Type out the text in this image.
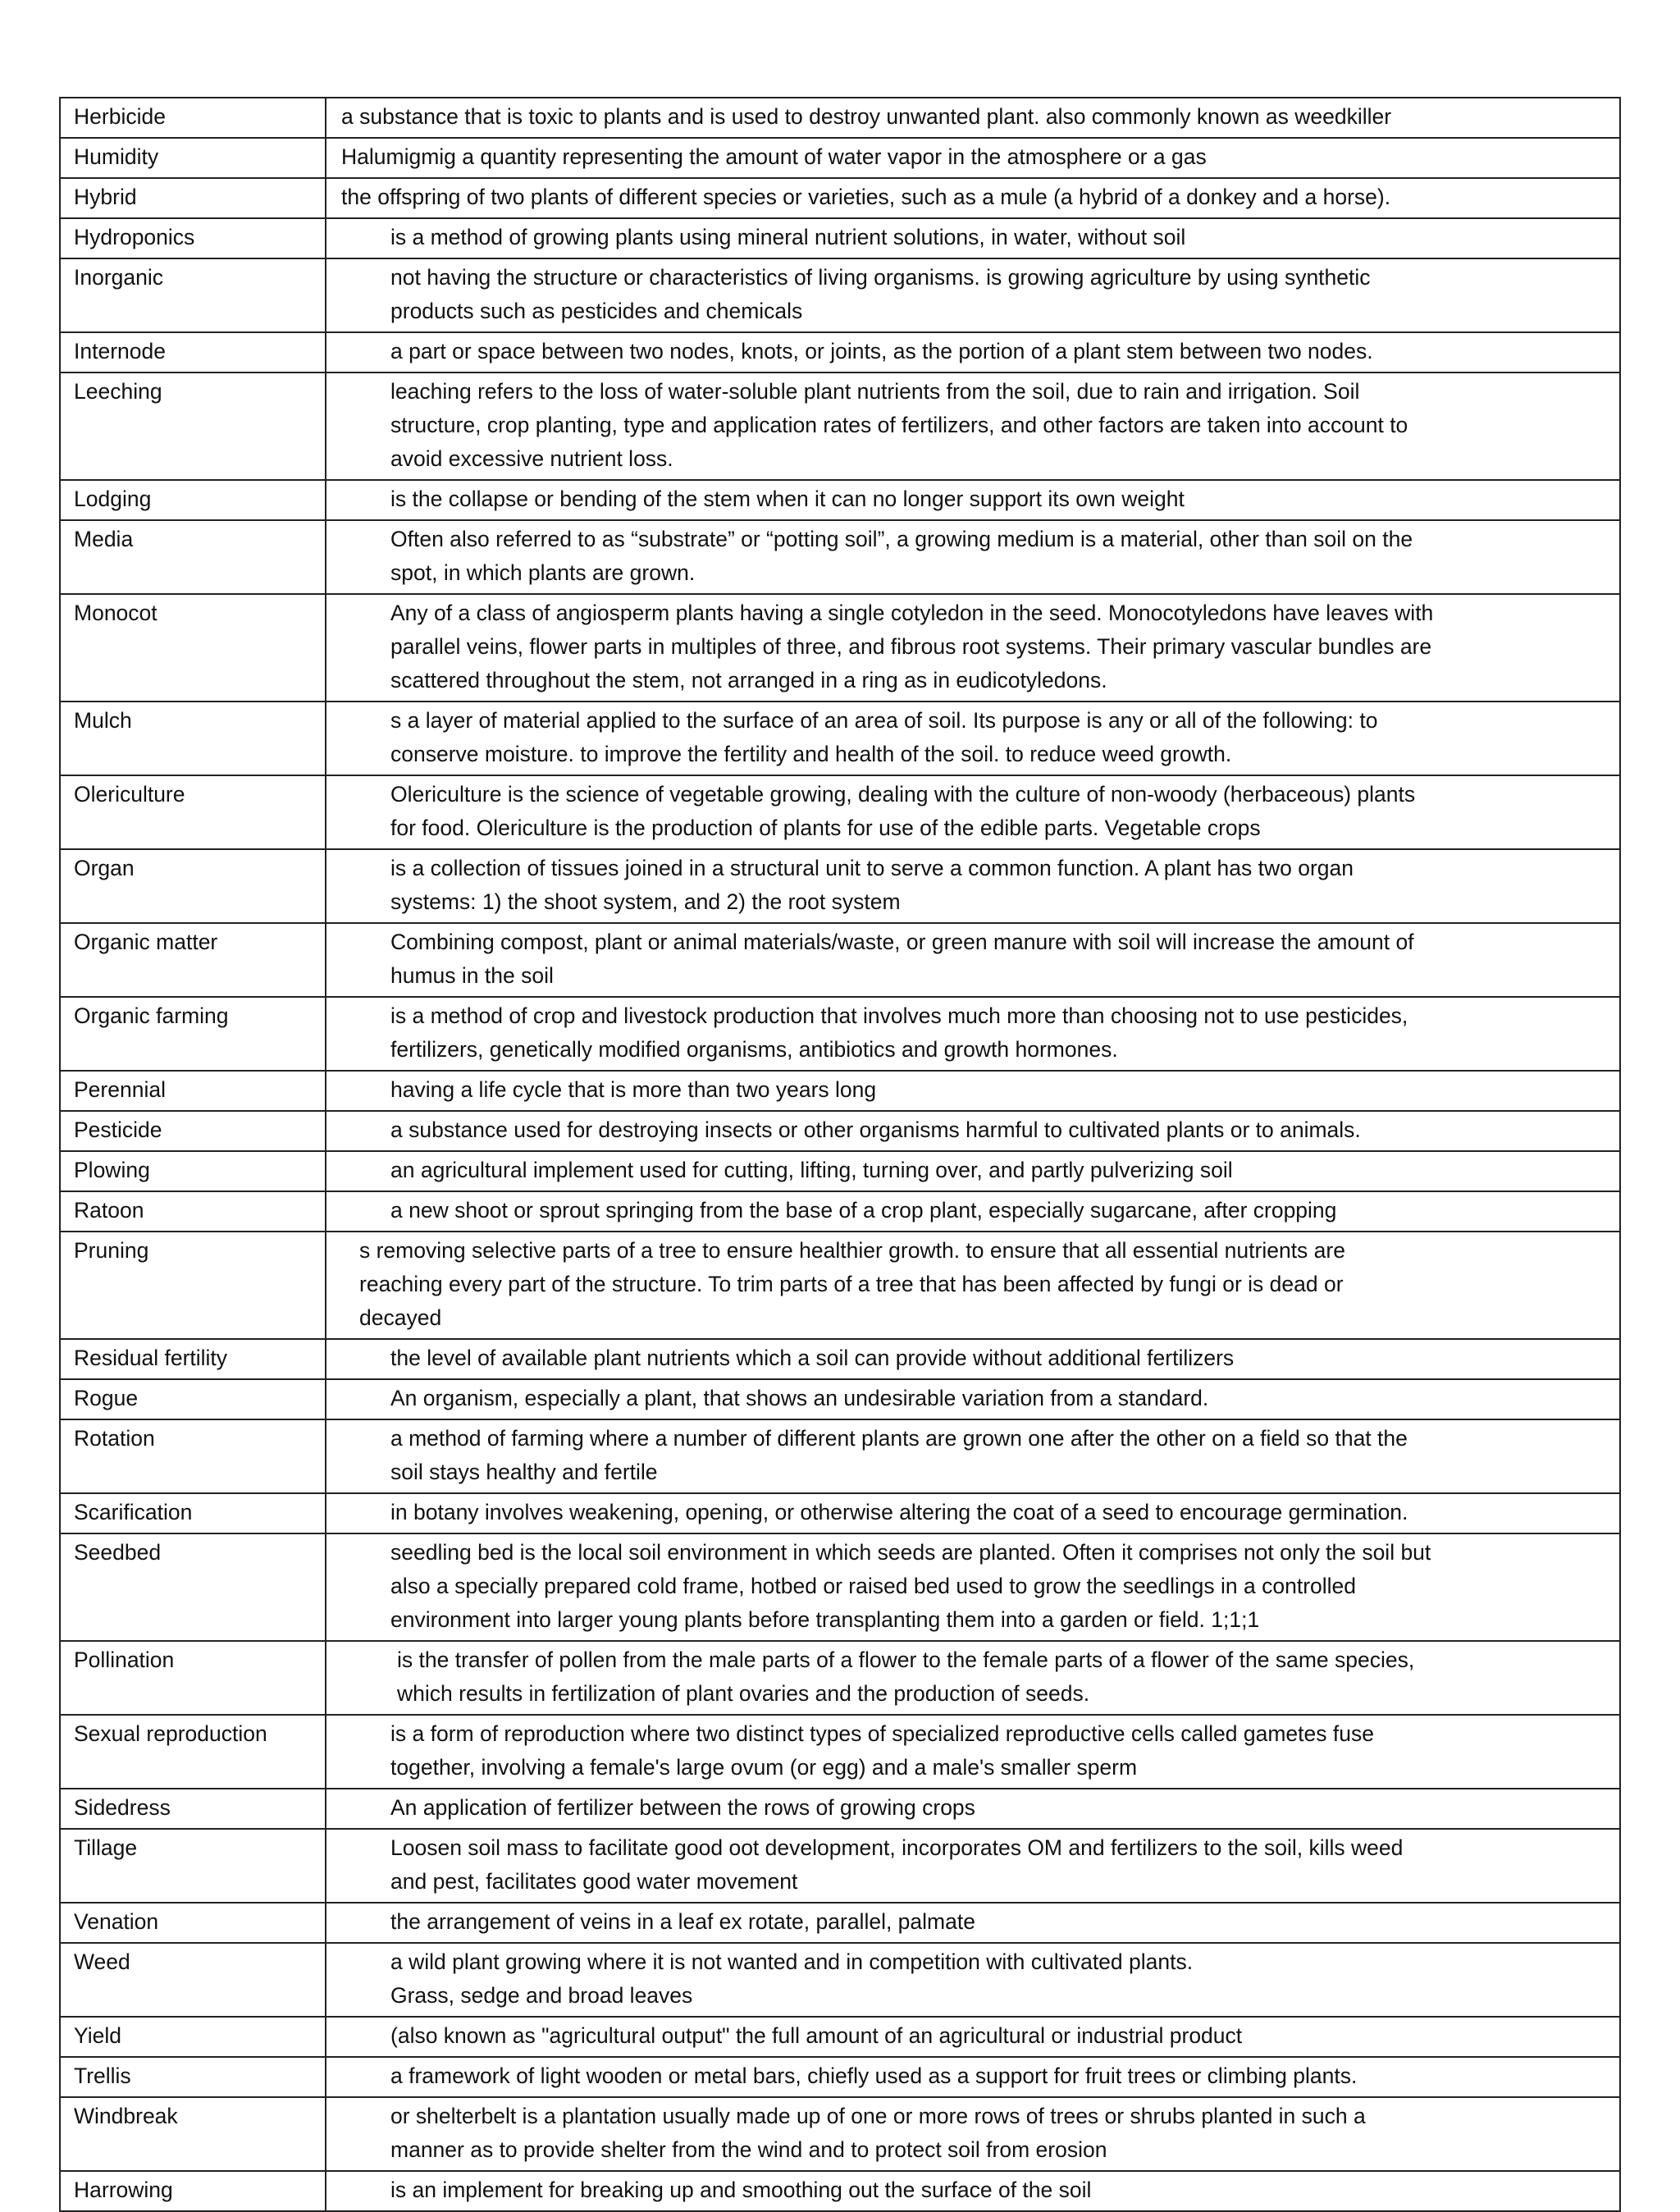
Herbicide	a substance that is toxic to plants and is used to destroy unwanted plant. also commonly known as weedkiller
Humidity	Halumigmig a quantity representing the amount of water vapor in the atmosphere or a gas
Hybrid	the offspring of two plants of different species or varieties, such as a mule (a hybrid of a donkey and a horse).
Hydroponics	is a method of growing plants using mineral nutrient solutions, in water, without soil
Inorganic	not having the structure or characteristics of living organisms. is growing agriculture by using synthetic
products such as pesticides and chemicals
Internode	a part or space between two nodes, knots, or joints, as the portion of a plant stem between two nodes.
Leeching	leaching refers to the loss of water-soluble plant nutrients from the soil, due to rain and irrigation. Soil
structure, crop planting, type and application rates of fertilizers, and other factors are taken into account to
avoid excessive nutrient loss.
Lodging	is the collapse or bending of the stem when it can no longer support its own weight
Media	Often also referred to as “substrate” or “potting soil”, a growing medium is a material, other than soil on the
spot, in which plants are grown.
Monocot	Any of a class of angiosperm plants having a single cotyledon in the seed. Monocotyledons have leaves with
parallel veins, flower parts in multiples of three, and fibrous root systems. Their primary vascular bundles are
scattered throughout the stem, not arranged in a ring as in eudicotyledons.
Mulch	s a layer of material applied to the surface of an area of soil. Its purpose is any or all of the following: to
conserve moisture. to improve the fertility and health of the soil. to reduce weed growth.
Olericulture	Olericulture is the science of vegetable growing, dealing with the culture of non-woody (herbaceous) plants
for food. Olericulture is the production of plants for use of the edible parts. Vegetable crops
Organ	is a collection of tissues joined in a structural unit to serve a common function. A plant has two organ
systems: 1) the shoot system, and 2) the root system
Organic matter	Combining compost, plant or animal materials/waste, or green manure with soil will increase the amount of
humus in the soil
Organic farming	is a method of crop and livestock production that involves much more than choosing not to use pesticides,
fertilizers, genetically modified organisms, antibiotics and growth hormones.
Perennial	having a life cycle that is more than two years long
Pesticide	a substance used for destroying insects or other organisms harmful to cultivated plants or to animals.
Plowing	an agricultural implement used for cutting, lifting, turning over, and partly pulverizing soil
Ratoon	a new shoot or sprout springing from the base of a crop plant, especially sugarcane, after cropping
Pruning	s removing selective parts of a tree to ensure healthier growth. to ensure that all essential nutrients are
reaching every part of the structure. To trim parts of a tree that has been affected by fungi or is dead or
decayed
Residual fertility	the level of available plant nutrients which a soil can provide without additional fertilizers
Rogue	An organism, especially a plant, that shows an undesirable variation from a standard.
Rotation	a method of farming where a number of different plants are grown one after the other on a field so that the
soil stays healthy and fertile
Scarification	in botany involves weakening, opening, or otherwise altering the coat of a seed to encourage germination.
Seedbed	seedling bed is the local soil environment in which seeds are planted. Often it comprises not only the soil but
also a specially prepared cold frame, hotbed or raised bed used to grow the seedlings in a controlled
environment into larger young plants before transplanting them into a garden or field. 1;1;1
Pollination	is the transfer of pollen from the male parts of a flower to the female parts of a flower of the same species,
which results in fertilization of plant ovaries and the production of seeds.
Sexual reproduction	is a form of reproduction where two distinct types of specialized reproductive cells called gametes fuse
together, involving a female's large ovum (or egg) and a male's smaller sperm
Sidedress	An application of fertilizer between the rows of growing crops
Tillage	Loosen soil mass to facilitate good oot development, incorporates OM and fertilizers to the soil, kills weed
and pest, facilitates good water movement
Venation	the arrangement of veins in a leaf ex rotate, parallel, palmate
Weed	a wild plant growing where it is not wanted and in competition with cultivated plants.
Grass, sedge and broad leaves
Yield	(also known as "agricultural output" the full amount of an agricultural or industrial product
Trellis	a framework of light wooden or metal bars, chiefly used as a support for fruit trees or climbing plants.
Windbreak	or shelterbelt is a plantation usually made up of one or more rows of trees or shrubs planted in such a
manner as to provide shelter from the wind and to protect soil from erosion
Harrowing	is an implement for breaking up and smoothing out the surface of the soil
